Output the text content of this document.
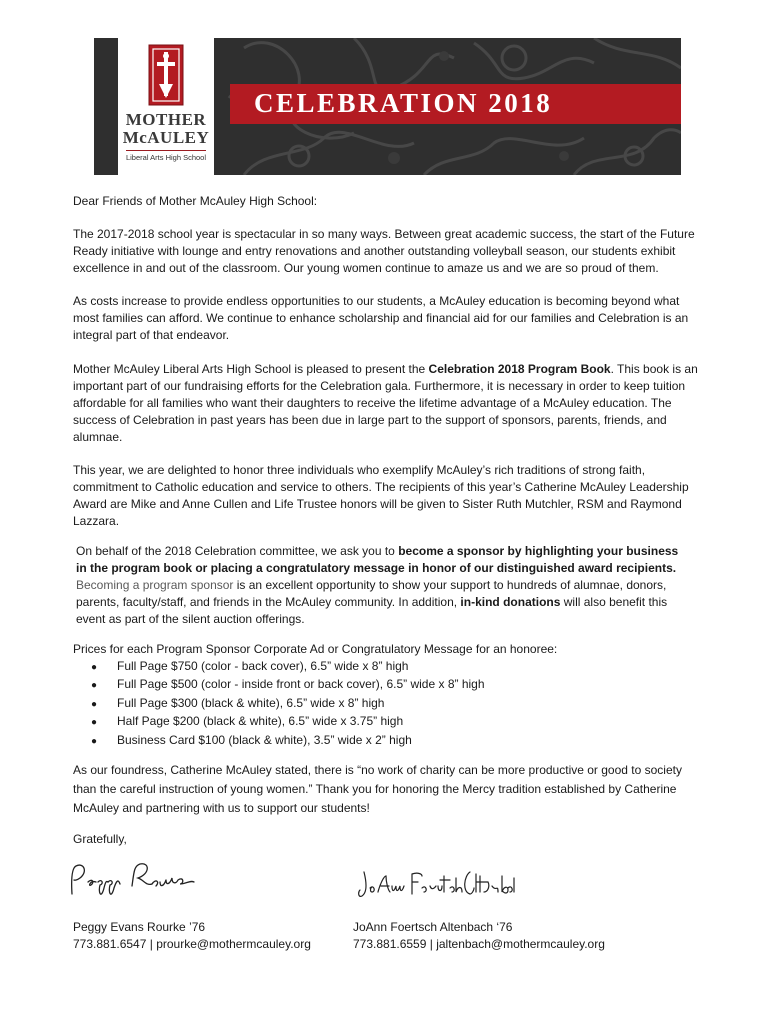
MOTHER
McAULEY
Liberal Arts High School
CELEBRATION 2018
Dear Friends of Mother McAuley High School:
The 2017-2018 school year is spectacular in so many ways. Between great academic success, the start of the Future Ready initiative with lounge and entry renovations and another outstanding volleyball season, our students exhibit excellence in and out of the classroom. Our young women continue to amaze us and we are so proud of them.
As costs increase to provide endless opportunities to our students, a McAuley education is becoming beyond what most families can afford. We continue to enhance scholarship and financial aid for our families and Celebration is an integral part of that endeavor.
Mother McAuley Liberal Arts High School is pleased to present the Celebration 2018 Program Book. This book is an important part of our fundraising efforts for the Celebration gala. Furthermore, it is necessary in order to keep tuition affordable for all families who want their daughters to receive the lifetime advantage of a McAuley education. The success of Celebration in past years has been due in large part to the support of sponsors, parents, friends, and alumnae.
This year, we are delighted to honor three individuals who exemplify McAuley’s rich traditions of strong faith, commitment to Catholic education and service to others. The recipients of this year’s Catherine McAuley Leadership Award are Mike and Anne Cullen and Life Trustee honors will be given to Sister Ruth Mutchler, RSM and Raymond Lazzara.
On behalf of the 2018 Celebration committee, we ask you to become a sponsor by highlighting your business in the program book or placing a congratulatory message in honor of our distinguished award recipients. Becoming a program sponsor is an excellent opportunity to show your support to hundreds of alumnae, donors, parents, faculty/staff, and friends in the McAuley community. In addition, in-kind donations will also benefit this event as part of the silent auction offerings.
Prices for each Program Sponsor Corporate Ad or Congratulatory Message for an honoree:
● Full Page $750 (color - back cover), 6.5” wide x 8” high
● Full Page $500 (color - inside front or back cover), 6.5” wide x 8” high
● Full Page $300 (black & white), 6.5” wide x 8” high
● Half Page $200 (black & white), 6.5” wide x 3.75” high
● Business Card $100 (black & white), 3.5” wide x 2” high
As our foundress, Catherine McAuley stated, there is “no work of charity can be more productive or good to society than the careful instruction of young women.” Thank you for honoring the Mercy tradition established by Catherine McAuley and partnering with us to support our students!
Gratefully,
Peggy Evans Rourke ’76
773.881.6547 | prourke@mothermcauley.org
JoAnn Foertsch Altenbach ‘76
773.881.6559 | jaltenbach@mothermcauley.org
